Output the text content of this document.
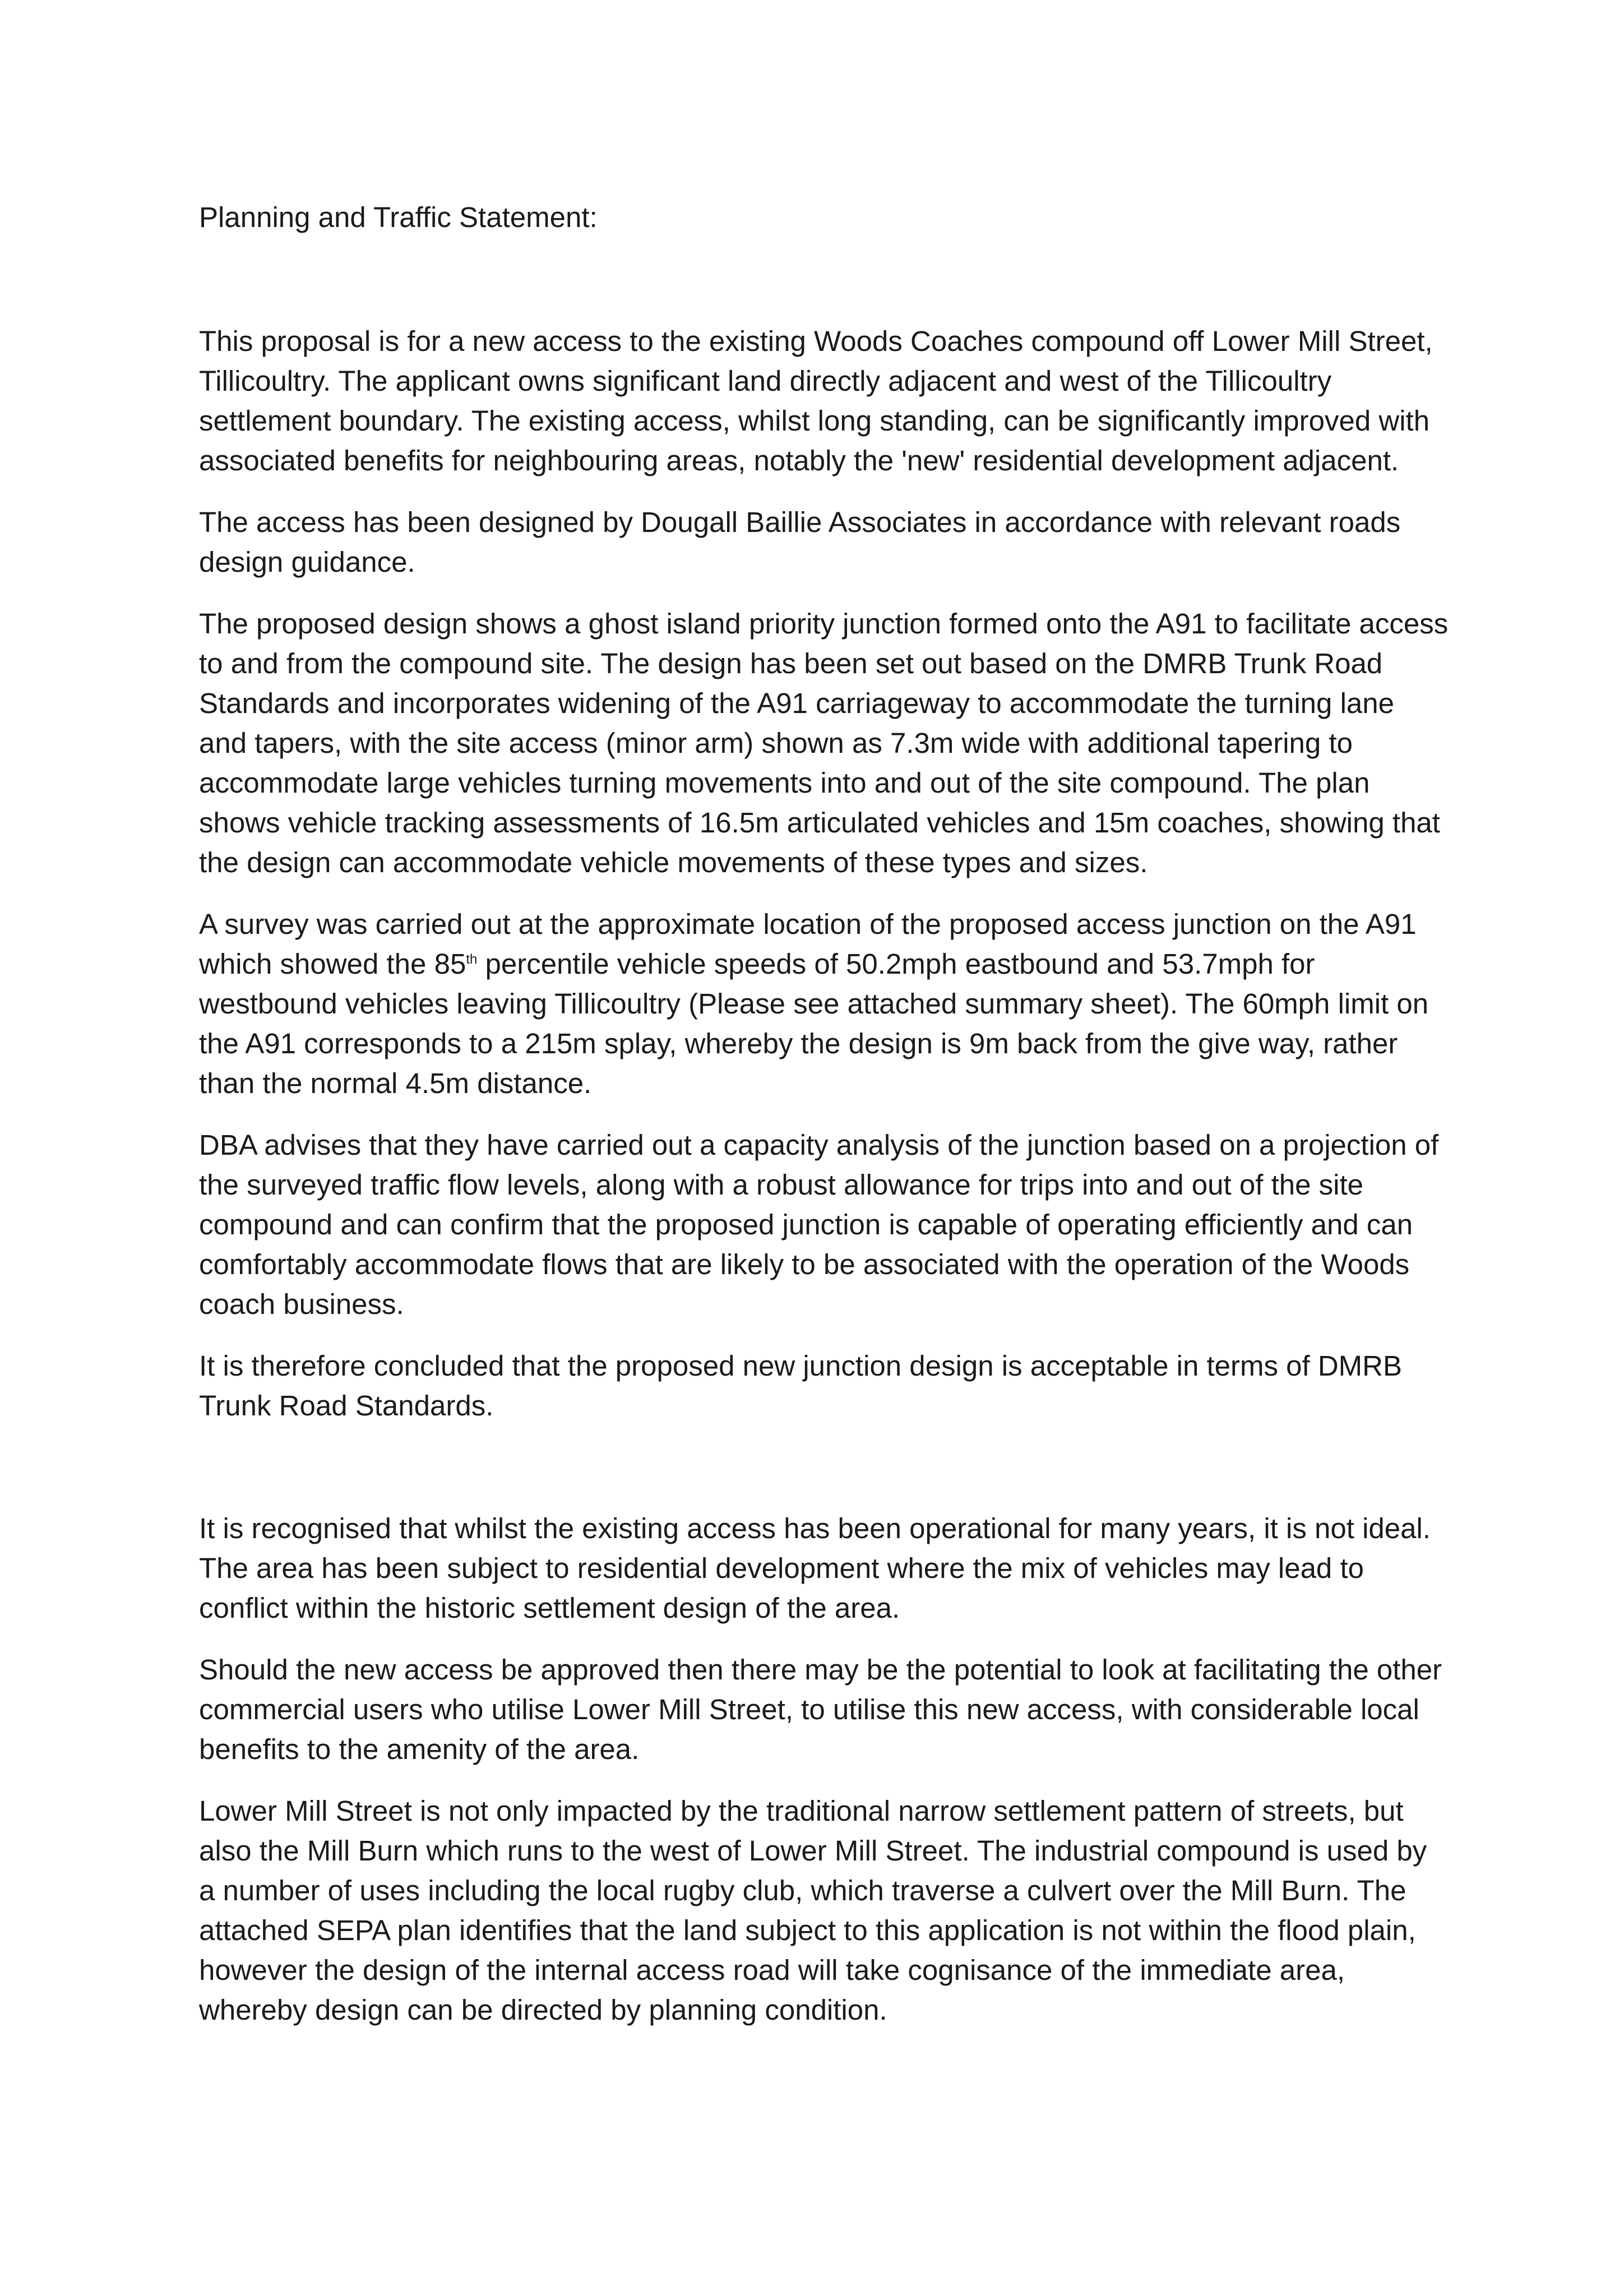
Planning and Traffic Statement:

This proposal is for a new access to the existing Woods Coaches compound off Lower Mill Street, Tillicoultry. The applicant owns significant land directly adjacent and west of the Tillicoultry settlement boundary. The existing access, whilst long standing, can be significantly improved with associated benefits for neighbouring areas, notably the 'new' residential development adjacent.

The access has been designed by Dougall Baillie Associates in accordance with relevant roads design guidance.

The proposed design shows a ghost island priority junction formed onto the A91 to facilitate access to and from the compound site. The design has been set out based on the DMRB Trunk Road Standards and incorporates widening of the A91 carriageway to accommodate the turning lane and tapers, with the site access (minor arm) shown as 7.3m wide with additional tapering to accommodate large vehicles turning movements into and out of the site compound. The plan shows vehicle tracking assessments of 16.5m articulated vehicles and 15m coaches, showing that the design can accommodate vehicle movements of these types and sizes.

A survey was carried out at the approximate location of the proposed access junction on the A91 which showed the 85th percentile vehicle speeds of 50.2mph eastbound and 53.7mph for westbound vehicles leaving Tillicoultry (Please see attached summary sheet). The 60mph limit on the A91 corresponds to a 215m splay, whereby the design is 9m back from the give way, rather than the normal 4.5m distance.

DBA advises that they have carried out a capacity analysis of the junction based on a projection of the surveyed traffic flow levels, along with a robust allowance for trips into and out of the site compound and can confirm that the proposed junction is capable of operating efficiently and can comfortably accommodate flows that are likely to be associated with the operation of the Woods coach business.

It is therefore concluded that the proposed new junction design is acceptable in terms of DMRB Trunk Road Standards.

It is recognised that whilst the existing access has been operational for many years, it is not ideal. The area has been subject to residential development where the mix of vehicles may lead to conflict within the historic settlement design of the area.

Should the new access be approved then there may be the potential to look at facilitating the other commercial users who utilise Lower Mill Street, to utilise this new access, with considerable local benefits to the amenity of the area.

Lower Mill Street is not only impacted by the traditional narrow settlement pattern of streets, but also the Mill Burn which runs to the west of Lower Mill Street. The industrial compound is used by a number of uses including the local rugby club, which traverse a culvert over the Mill Burn. The attached SEPA plan identifies that the land subject to this application is not within the flood plain, however the design of the internal access road will take cognisance of the immediate area, whereby design can be directed by planning condition.
